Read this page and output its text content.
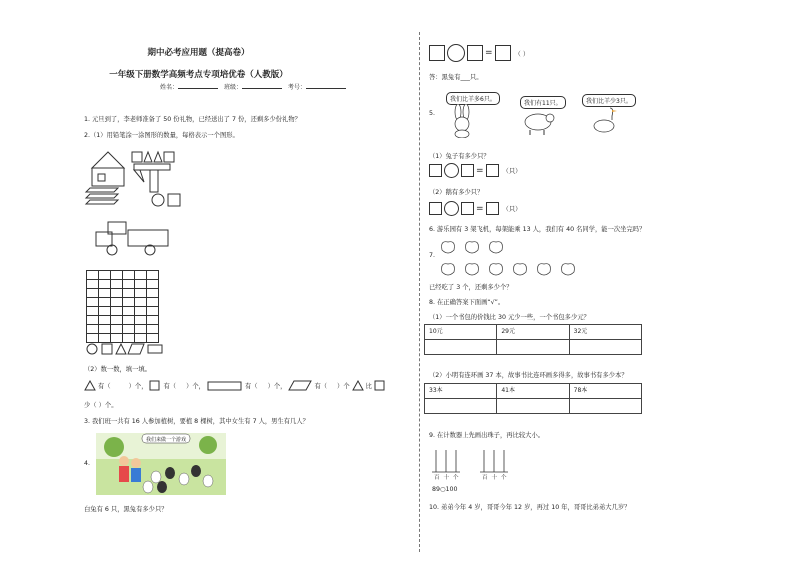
期中必考应用题（提高卷）
一年级下册数学高频考点专项培优卷（人教版）
姓名：	班级：	考号：
1. 元旦到了，李老师准备了 50 份礼物，已经送出了 7 份，还剩多少份礼物？
2.（1）用铅笔涂一涂图形的数量，每格表示一个图形。

（2）数一数，填一填。
有（	）个，	有（ ）个，	有（ ）个，	有（ ）个	比
少（ ）个。
3. 我们班一共有 16 人参加植树，要植 8 棵树，其中女生有 7 人，男生有几人？
4.
我们来做一个游戏
白兔有 6 只，黑兔有多少只？
=	（ ）
答：黑兔有___只。
5.
我们比羊多6只。
我们有11只。	我们比羊少3只。
（1）兔子有多少只？
=	（只）
（2）鹅有多少只？
=	（只）
6. 游乐园有 3 架飞机，每架能乘 13 人，我们有 40 名同学，能一次坐完吗？
7.
已经吃了 3 个，还剩多少个？
8. 在正确答案下面画“√”。
（1）一个书包的价钱比 30 元少一些，一个书包多少元？
10元	29元	32元

（2）小明有连环画 37 本，故事书比连环画多得多，故事书有多少本？
33本	41本	78本

9. 在计数器上先画出珠子，再比较大小。
百 十 个	百 十 个
89○100
10. 弟弟今年 4 岁，哥哥今年 12 岁，再过 10 年，哥哥比弟弟大几岁？
